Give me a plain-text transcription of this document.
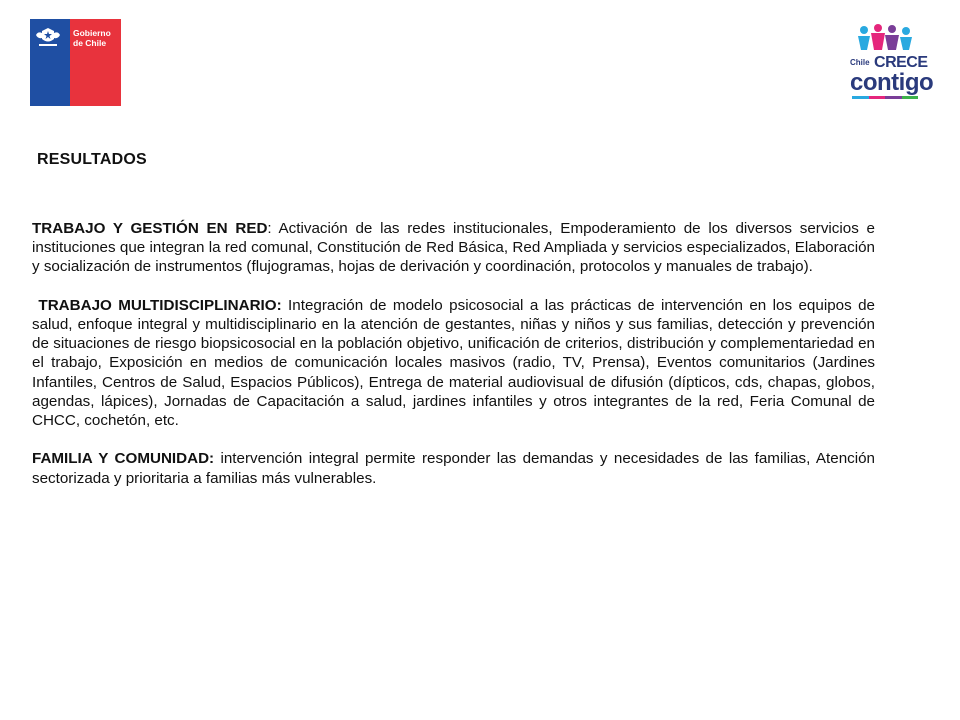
Gobierno
de Chile
Chile CRECE
contigo
RESULTADOS

TRABAJO Y GESTIÓN EN RED: Activación de las redes institucionales, Empoderamiento de los diversos servicios e instituciones que integran la red comunal, Constitución de Red Básica, Red Ampliada y servicios especializados, Elaboración y socialización de instrumentos (flujogramas, hojas de derivación y coordinación, protocolos y manuales de trabajo).

TRABAJO MULTIDISCIPLINARIO: Integración de modelo psicosocial a las prácticas de intervención en los equipos de salud, enfoque integral y multidisciplinario en la atención de gestantes, niñas y niños y sus familias, detección y prevención de situaciones de riesgo biopsicosocial en la población objetivo, unificación de criterios, distribución y complementariedad en el trabajo, Exposición en medios de comunicación locales masivos (radio, TV, Prensa), Eventos comunitarios (Jardines Infantiles, Centros de Salud, Espacios Públicos), Entrega de material audiovisual de difusión (dípticos, cds, chapas, globos, agendas, lápices), Jornadas de Capacitación a salud, jardines infantiles y otros integrantes de la red, Feria Comunal de CHCC, cochetón, etc.

FAMILIA Y COMUNIDAD: intervención integral permite responder las demandas y necesidades de las familias, Atención sectorizada y prioritaria a familias más vulnerables.
